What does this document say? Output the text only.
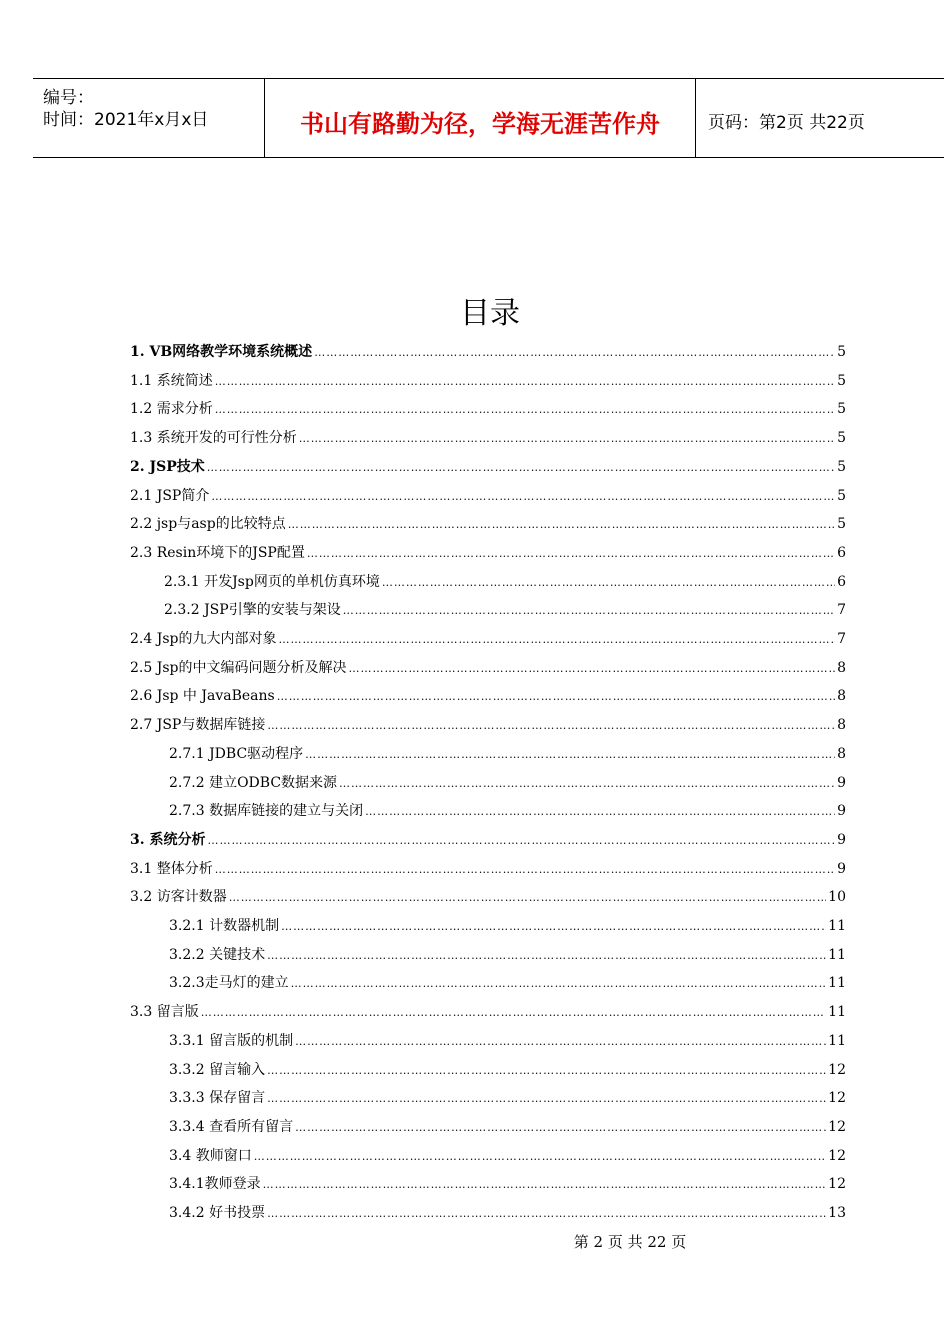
编号：
时间：2021年x月x日	书山有路勤为径，学海无涯苦作舟	页码：第2页 共22页
目录
1. VB网络教学环境系统概述 ……………………………………………………………………………………………………………………………………………………………………	5
1.1 系统简述 ……………………………………………………………………………………………………………………………………………………………………	5
1.2 需求分析 ……………………………………………………………………………………………………………………………………………………………………	5
1.3 系统开发的可行性分析 ……………………………………………………………………………………………………………………………………………………………………	5
2. JSP技术 ……………………………………………………………………………………………………………………………………………………………………	5
2.1 JSP简介 ……………………………………………………………………………………………………………………………………………………………………	5
2.2 jsp与asp的比较特点 ……………………………………………………………………………………………………………………………………………………………………	5
2.3 Resin环境下的JSP配置 ……………………………………………………………………………………………………………………………………………………………………	6
2.3.1 开发Jsp网页的单机仿真环境 ……………………………………………………………………………………………………………………………………………………………………	6
2.3.2 JSP引擎的安装与架设 ……………………………………………………………………………………………………………………………………………………………………	7
2.4 Jsp的九大内部对象 ……………………………………………………………………………………………………………………………………………………………………	7
2.5 Jsp的中文编码问题分析及解决 ……………………………………………………………………………………………………………………………………………………………………	8
2.6 Jsp 中 JavaBeans ……………………………………………………………………………………………………………………………………………………………………	8
2.7 JSP与数据库链接 ……………………………………………………………………………………………………………………………………………………………………	8
2.7.1 JDBC驱动程序 ……………………………………………………………………………………………………………………………………………………………………	8
2.7.2 建立ODBC数据来源 ……………………………………………………………………………………………………………………………………………………………………	9
2.7.3 数据库链接的建立与关闭 ……………………………………………………………………………………………………………………………………………………………………	9
3. 系统分析 ……………………………………………………………………………………………………………………………………………………………………	9
3.1 整体分析 ……………………………………………………………………………………………………………………………………………………………………	9
3.2 访客计数器 ……………………………………………………………………………………………………………………………………………………………………	10
3.2.1 计数器机制 ……………………………………………………………………………………………………………………………………………………………………	11
3.2.2 关键技术 ……………………………………………………………………………………………………………………………………………………………………	11
3.2.3走马灯的建立 ……………………………………………………………………………………………………………………………………………………………………	11
3.3 留言版 ……………………………………………………………………………………………………………………………………………………………………	11
3.3.1 留言版的机制 ……………………………………………………………………………………………………………………………………………………………………	11
3.3.2 留言输入 ……………………………………………………………………………………………………………………………………………………………………	12
3.3.3 保存留言 ……………………………………………………………………………………………………………………………………………………………………	12
3.3.4 查看所有留言 ……………………………………………………………………………………………………………………………………………………………………	12
3.4 教师窗口 ……………………………………………………………………………………………………………………………………………………………………	12
3.4.1教师登录 ……………………………………………………………………………………………………………………………………………………………………	12
3.4.2 好书投票 ……………………………………………………………………………………………………………………………………………………………………	13
第 2 页 共 22 页
